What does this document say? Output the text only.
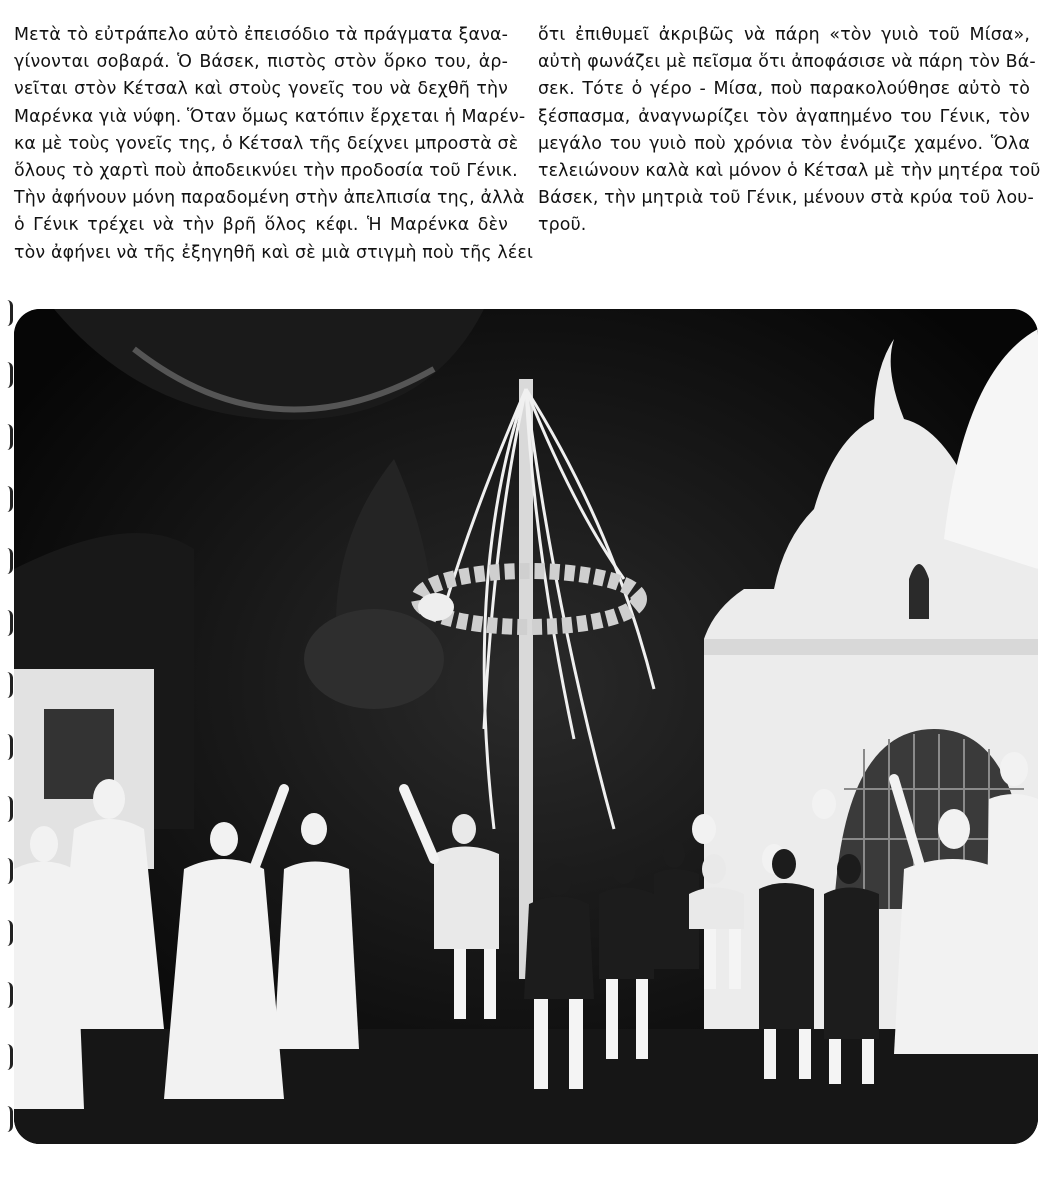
Μετὰ τὸ εὐτράπελο αὐτὸ ἐπεισόδιο τὰ πράγματα ξανα-
γίνονται σοβαρά. Ὁ Βάσεκ, πιστὸς στὸν ὅρκο του, ἀρ-
νεῖται στὸν Κέτσαλ καὶ στοὺς γονεῖς του νὰ δεχθῆ τὴν
Μαρένκα γιὰ νύφη. Ὅταν ὅμως κατόπιν ἔρχεται ἡ Μαρέν-
κα μὲ τοὺς γονεῖς της, ὁ Κέτσαλ τῆς δείχνει μπροστὰ σὲ
ὅλους τὸ χαρτὶ ποὺ ἀποδεικνύει τὴν προδοσία τοῦ Γένικ.
Τὴν ἀφήνουν μόνη παραδομένη στὴν ἀπελπισία της, ἀλλὰ
ὁ Γένικ τρέχει νὰ τὴν βρῆ ὅλος κέφι. Ἡ Μαρένκα δὲν
τὸν ἀφήνει νὰ τῆς ἐξηγηθῆ καὶ σὲ μιὰ στιγμὴ ποὺ τῆς λέει
ὅτι ἐπιθυμεῖ ἀκριβῶς νὰ πάρη «τὸν γυιὸ τοῦ Μίσα»,
αὐτὴ φωνάζει μὲ πεῖσμα ὅτι ἀποφάσισε νὰ πάρη τὸν Βά-
σεκ. Τότε ὁ γέρο - Μίσα, ποὺ παρακολούθησε αὐτὸ τὸ
ξέσπασμα, ἀναγνωρίζει τὸν ἀγαπημένο του Γένικ, τὸν
μεγάλο του γυιὸ ποὺ χρόνια τὸν ἐνόμιζε χαμένο. Ὅλα
τελειώνουν καλὰ καὶ μόνον ὁ Κέτσαλ μὲ τὴν μητέρα τοῦ
Βάσεκ, τὴν μητριὰ τοῦ Γένικ, μένουν στὰ κρύα τοῦ λου-
τροῦ.
